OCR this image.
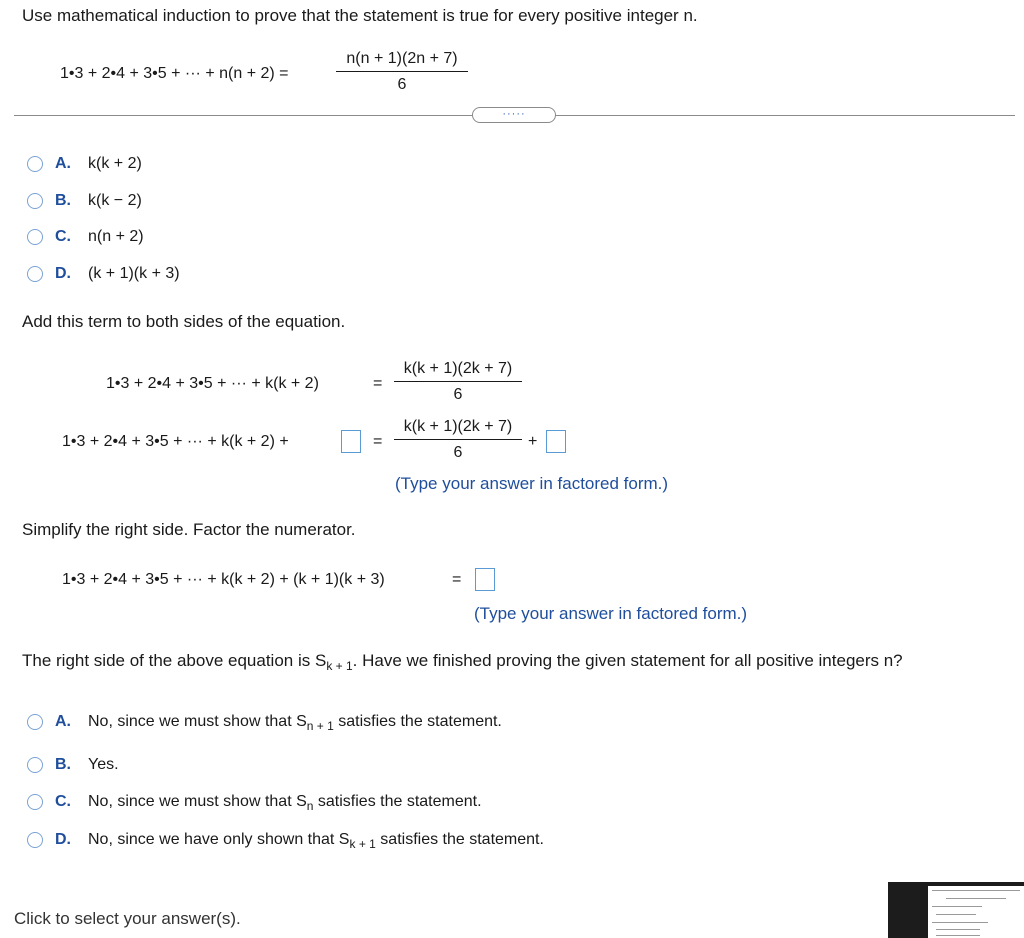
Use mathematical induction to prove that the statement is true for every positive integer n.
1•3 + 2•4 + 3•5 + ··· + n(n + 2) =	$\frac{n(n + 1)(2n + 7)}{6}$
·····
A. k(k + 2)
B. k(k − 2)
C. n(n + 2)
D. (k + 1)(k + 3)
Add this term to both sides of the equation.
1•3 + 2•4 + 3•5 + ··· + k(k + 2)	= $\frac{k(k + 1)(2k + 7)}{6}$
1•3 + 2•4 + 3•5 + ··· + k(k + 2) +	= $\frac{k(k + 1)(2k + 7)}{6}$ +
(Type your answer in factored form.)
Simplify the right side. Factor the numerator.
1•3 + 2•4 + 3•5 + ··· + k(k + 2) + (k + 1)(k + 3)	=
(Type your answer in factored form.)
The right side of the above equation is $S_{k + 1}$. Have we finished proving the given statement for all positive integers n?
A. No, since we must show that $S_{n + 1}$ satisfies the statement.
B. Yes.
C. No, since we must show that $S_n$ satisfies the statement.
D. No, since we have only shown that $S_{k + 1}$ satisfies the statement.
Click to select your answer(s).
